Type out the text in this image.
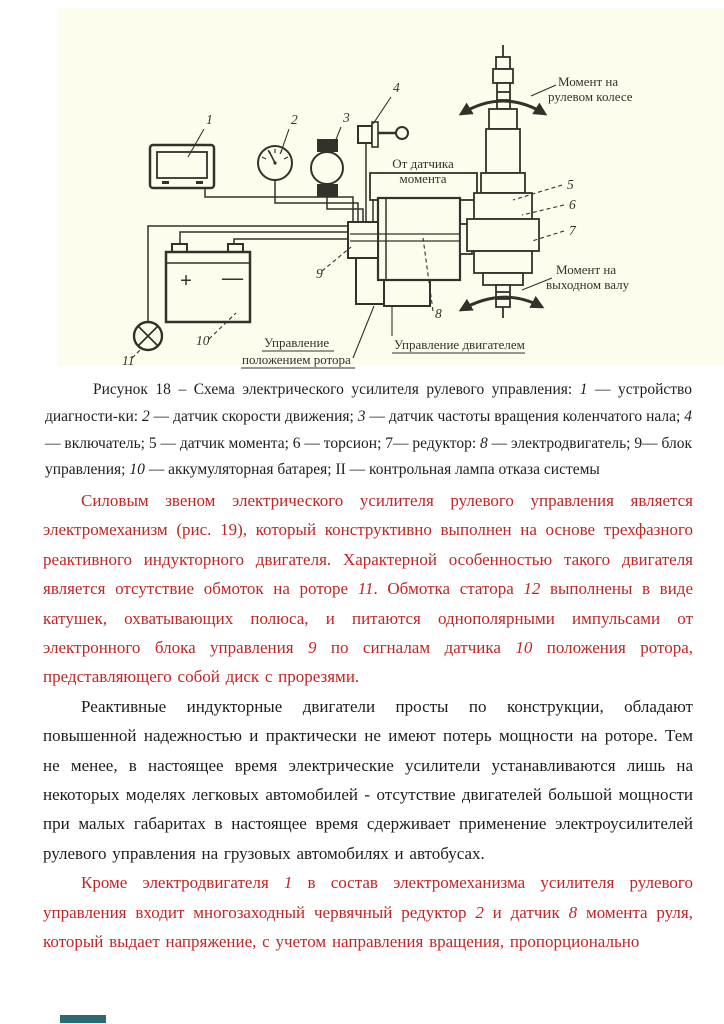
От датчика
момента
+ —
Момент на
рулевом колесе
Момент на
выходном валу
1	2	3
4
5
6
7
8
9
10
11
Управление
положением ротора
Управление двигателем
Рисунок 18 – Схема электрического усилителя рулевого управления: 1 — устройство диагности-ки: 2 — датчик скорости движения; 3 — датчик частоты вращения коленчатого нала; 4 — включатель; 5 — датчик момента; 6 — торсион; 7— редуктор: 8 — электродвигатель; 9— блок управления; 10 — аккумуляторная батарея; II — контрольная лампа отказа системы

Силовым звеном электрического усилителя рулевого управления является электромеханизм (рис. 19), который конструктивно выполнен на основе трехфазного реактивного индукторного двигателя. Характерной особенностью такого двигателя является отсутствие обмоток на роторе 11. Обмотка статора 12 выполнены в виде катушек, охватывающих полюса, и питаются однополярными импульсами от электронного блока управления 9 по сигналам датчика 10 положения ротора, представляющего собой диск с прорезями.

Реактивные индукторные двигатели просты по конструкции, обладают повышенной надежностью и практически не имеют потерь мощности на роторе. Тем не менее, в настоящее время электрические усилители устанавливаются лишь на некоторых моделях легковых автомобилей - отсутствие двигателей большой мощности при малых габаритах в настоящее время сдерживает применение электроусилителей рулевого управления на грузовых автомобилях и автобусах.

Кроме электродвигателя 1 в состав электромеханизма усилителя рулевого управления входит многозаходный червячный редуктор 2 и датчик 8 момента руля, который выдает напряжение, с учетом направления вращения, пропорционально
